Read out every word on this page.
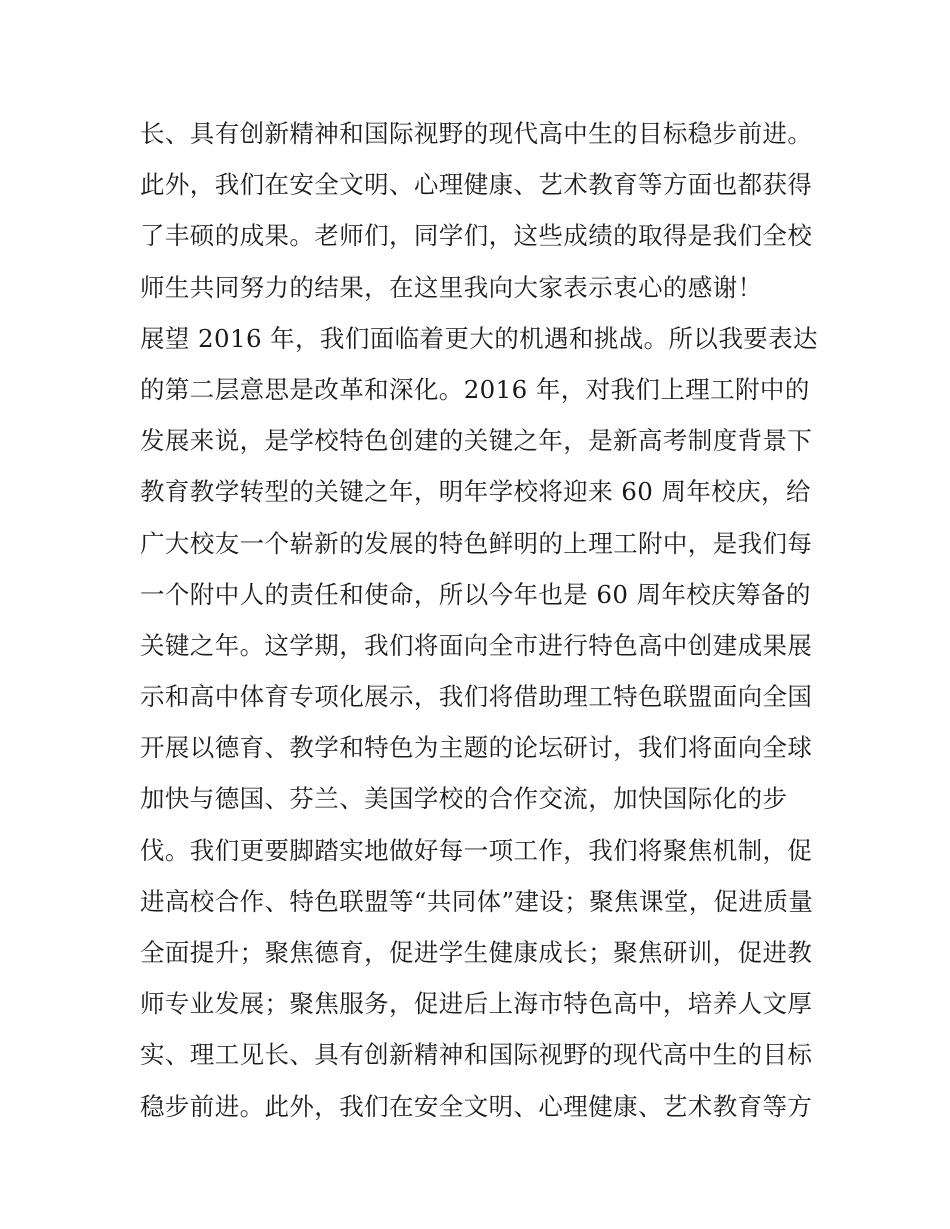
长、具有创新精神和国际视野的现代高中生的目标稳步前进。
此外，我们在安全文明、心理健康、艺术教育等方面也都获得
了丰硕的成果。老师们，同学们，这些成绩的取得是我们全校
师生共同努力的结果，在这里我向大家表示衷心的感谢！
展望 2016 年，我们面临着更大的机遇和挑战。所以我要表达
的第二层意思是改革和深化。2016 年，对我们上理工附中的
发展来说，是学校特色创建的关键之年，是新高考制度背景下
教育教学转型的关键之年，明年学校将迎来 60 周年校庆，给
广大校友一个崭新的发展的特色鲜明的上理工附中，是我们每
一个附中人的责任和使命，所以今年也是 60 周年校庆筹备的
关键之年。这学期，我们将面向全市进行特色高中创建成果展
示和高中体育专项化展示，我们将借助理工特色联盟面向全国
开展以德育、教学和特色为主题的论坛研讨，我们将面向全球
加快与德国、芬兰、美国学校的合作交流，加快国际化的步
伐。我们更要脚踏实地做好每一项工作，我们将聚焦机制，促
进高校合作、特色联盟等“共同体”建设；聚焦课堂，促进质量
全面提升；聚焦德育，促进学生健康成长；聚焦研训，促进教
师专业发展；聚焦服务，促进后上海市特色高中，培养人文厚
实、理工见长、具有创新精神和国际视野的现代高中生的目标
稳步前进。此外，我们在安全文明、心理健康、艺术教育等方
